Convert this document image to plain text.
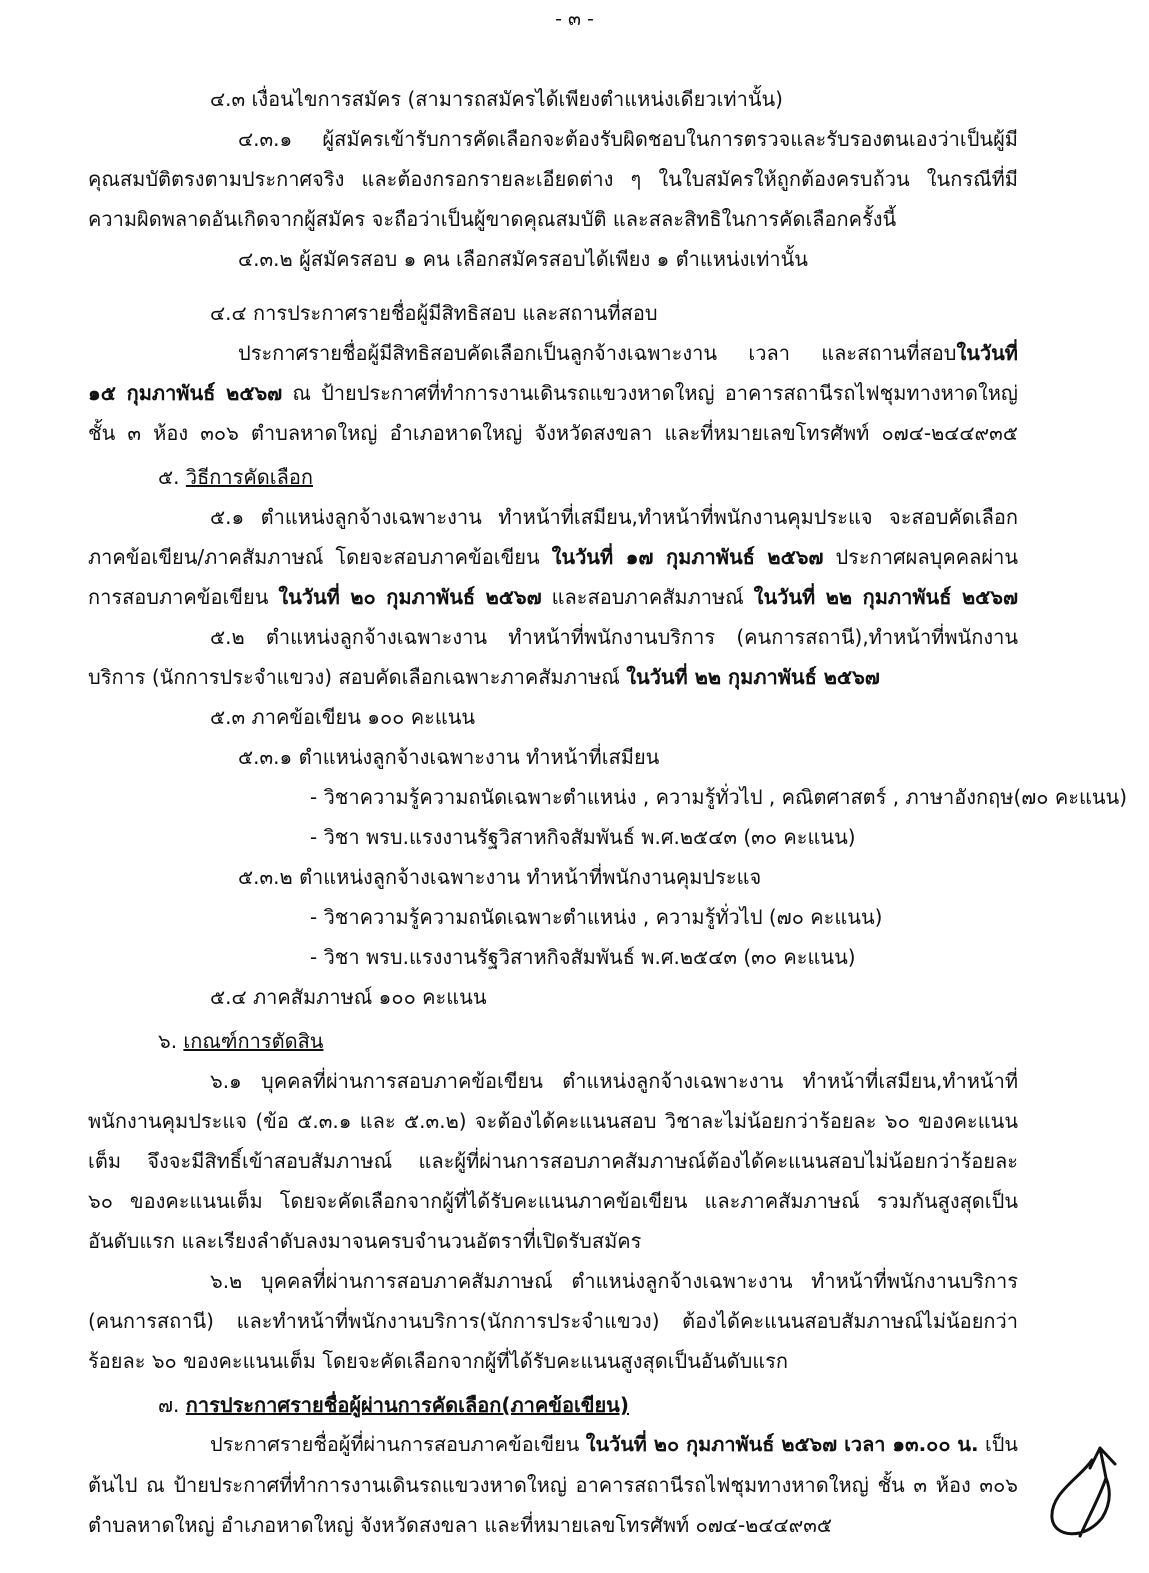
- ๓ -
๔.๓ เงื่อนไขการสมัคร (สามารถสมัครได้เพียงตำแหน่งเดียวเท่านั้น)
๔.๓.๑ ผู้สมัครเข้ารับการคัดเลือกจะต้องรับผิดชอบในการตรวจและรับรองตนเองว่าเป็นผู้มี
คุณสมบัติตรงตามประกาศจริง และต้องกรอกรายละเอียดต่าง ๆ ในใบสมัครให้ถูกต้องครบถ้วน ในกรณีที่มี
ความผิดพลาดอันเกิดจากผู้สมัคร จะถือว่าเป็นผู้ขาดคุณสมบัติ และสละสิทธิในการคัดเลือกครั้งนี้
๔.๓.๒ ผู้สมัครสอบ ๑ คน เลือกสมัครสอบได้เพียง ๑ ตำแหน่งเท่านั้น
๔.๔ การประกาศรายชื่อผู้มีสิทธิสอบ และสถานที่สอบ
ประกาศรายชื่อผู้มีสิทธิสอบคัดเลือกเป็นลูกจ้างเฉพาะงาน เวลา และสถานที่สอบในวันที่
๑๕ กุมภาพันธ์ ๒๕๖๗ ณ ป้ายประกาศที่ทำการงานเดินรถแขวงหาดใหญ่ อาคารสถานีรถไฟชุมทางหาดใหญ่
ชั้น ๓ ห้อง ๓๐๖ ตำบลหาดใหญ่ อำเภอหาดใหญ่ จังหวัดสงขลา และที่หมายเลขโทรศัพท์ ๐๗๔-๒๔๔๙๓๕
๕. วิธีการคัดเลือก
๕.๑ ตำแหน่งลูกจ้างเฉพาะงาน ทำหน้าที่เสมียน,ทำหน้าที่พนักงานคุมประแจ จะสอบคัดเลือก
ภาคข้อเขียน/ภาคสัมภาษณ์ โดยจะสอบภาคข้อเขียน ในวันที่ ๑๗ กุมภาพันธ์ ๒๕๖๗ ประกาศผลบุคคลผ่าน
การสอบภาคข้อเขียน ในวันที่ ๒๐ กุมภาพันธ์ ๒๕๖๗ และสอบภาคสัมภาษณ์ ในวันที่ ๒๒ กุมภาพันธ์ ๒๕๖๗
๕.๒ ตำแหน่งลูกจ้างเฉพาะงาน ทำหน้าที่พนักงานบริการ (คนการสถานี),ทำหน้าที่พนักงาน
บริการ (นักการประจำแขวง) สอบคัดเลือกเฉพาะภาคสัมภาษณ์ ในวันที่ ๒๒ กุมภาพันธ์ ๒๕๖๗
๕.๓ ภาคข้อเขียน ๑๐๐ คะแนน
๕.๓.๑ ตำแหน่งลูกจ้างเฉพาะงาน ทำหน้าที่เสมียน
- วิชาความรู้ความถนัดเฉพาะตำแหน่ง , ความรู้ทั่วไป , คณิตศาสตร์ , ภาษาอังกฤษ(๗๐ คะแนน)
- วิชา พรบ.แรงงานรัฐวิสาหกิจสัมพันธ์ พ.ศ.๒๕๔๓ (๓๐ คะแนน)
๕.๓.๒ ตำแหน่งลูกจ้างเฉพาะงาน ทำหน้าที่พนักงานคุมประแจ
- วิชาความรู้ความถนัดเฉพาะตำแหน่ง , ความรู้ทั่วไป (๗๐ คะแนน)
- วิชา พรบ.แรงงานรัฐวิสาหกิจสัมพันธ์ พ.ศ.๒๕๔๓ (๓๐ คะแนน)
๕.๔ ภาคสัมภาษณ์ ๑๐๐ คะแนน
๖. เกณฑ์การตัดสิน
๖.๑ บุคคลที่ผ่านการสอบภาคข้อเขียน ตำแหน่งลูกจ้างเฉพาะงาน ทำหน้าที่เสมียน,ทำหน้าที่
พนักงานคุมประแจ (ข้อ ๕.๓.๑ และ ๕.๓.๒) จะต้องได้คะแนนสอบ วิชาละไม่น้อยกว่าร้อยละ ๖๐ ของคะแนน
เต็ม จึงจะมีสิทธิ์เข้าสอบสัมภาษณ์ และผู้ที่ผ่านการสอบภาคสัมภาษณ์ต้องได้คะแนนสอบไม่น้อยกว่าร้อยละ
๖๐ ของคะแนนเต็ม โดยจะคัดเลือกจากผู้ที่ได้รับคะแนนภาคข้อเขียน และภาคสัมภาษณ์ รวมกันสูงสุดเป็น
อันดับแรก และเรียงลำดับลงมาจนครบจำนวนอัตราที่เปิดรับสมัคร
๖.๒ บุคคลที่ผ่านการสอบภาคสัมภาษณ์ ตำแหน่งลูกจ้างเฉพาะงาน ทำหน้าที่พนักงานบริการ
(คนการสถานี) และทำหน้าที่พนักงานบริการ(นักการประจำแขวง) ต้องได้คะแนนสอบสัมภาษณ์ไม่น้อยกว่า
ร้อยละ ๖๐ ของคะแนนเต็ม โดยจะคัดเลือกจากผู้ที่ได้รับคะแนนสูงสุดเป็นอันดับแรก
๗. การประกาศรายชื่อผู้ผ่านการคัดเลือก(ภาคข้อเขียน)
ประกาศรายชื่อผู้ที่ผ่านการสอบภาคข้อเขียน ในวันที่ ๒๐ กุมภาพันธ์ ๒๕๖๗ เวลา ๑๓.๐๐ น. เป็น
ต้นไป ณ ป้ายประกาศที่ทำการงานเดินรถแขวงหาดใหญ่ อาคารสถานีรถไฟชุมทางหาดใหญ่ ชั้น ๓ ห้อง ๓๐๖
ตำบลหาดใหญ่ อำเภอหาดใหญ่ จังหวัดสงขลา และที่หมายเลขโทรศัพท์ ๐๗๔-๒๔๔๙๓๕
